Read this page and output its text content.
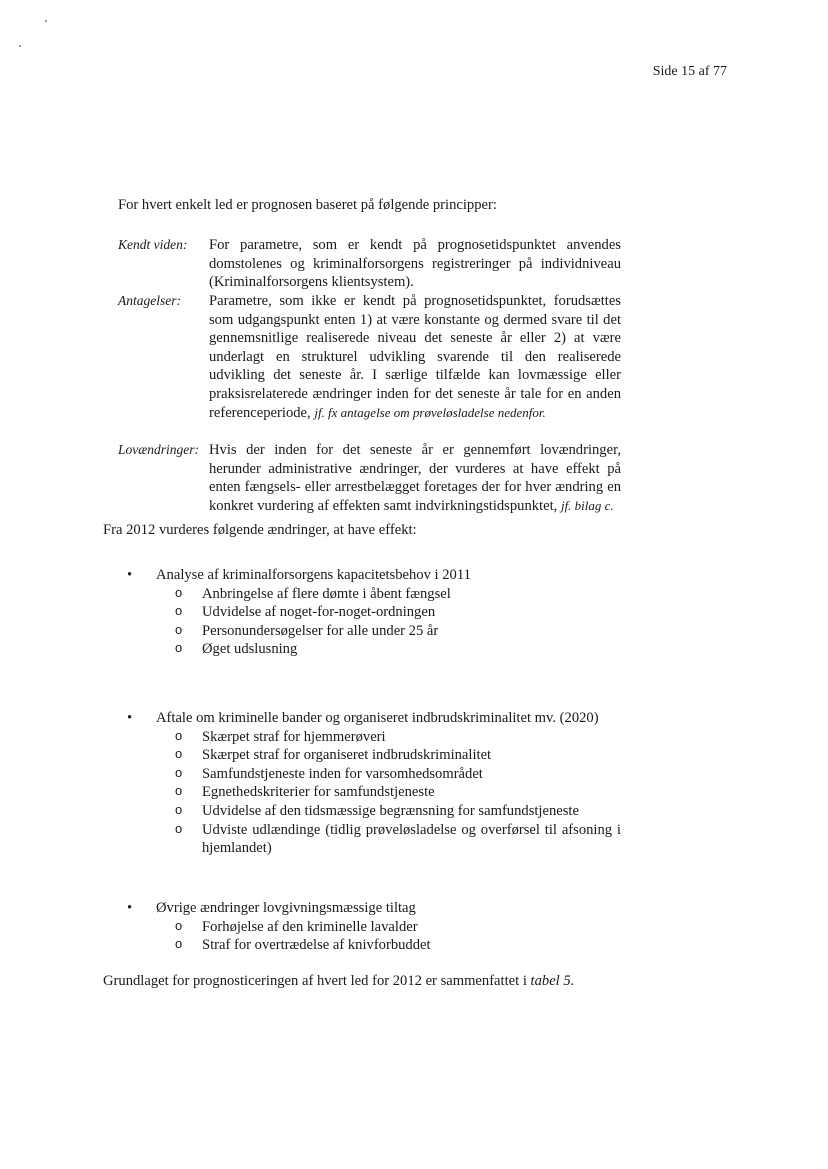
Side 15 af 77
For hvert enkelt led er prognosen baseret på følgende principper:
Kendt viden: For parametre, som er kendt på prognosetidspunktet anvendes domstolenes og kriminalforsorgens registreringer på individniveau (Kriminalforsorgens klientsystem).
Antagelser: Parametre, som ikke er kendt på prognosetidspunktet, forudsættes som udgangspunkt enten 1) at være konstante og dermed svare til det gennemsnitlige realiserede niveau det seneste år eller 2) at være underlagt en strukturel udvikling svarende til den realiserede udvikling det seneste år. I særlige tilfælde kan lovmæssige eller praksisrelaterede ændringer inden for det seneste år tale for en anden referenceperiode, jf. fx antagelse om prøveløsladelse nedenfor.
Lovændringer: Hvis der inden for det seneste år er gennemført lovændringer, herunder administrative ændringer, der vurderes at have effekt på enten fængsels- eller arrestbelægget foretages der for hver ændring en konkret vurdering af effekten samt indvirkningstidspunktet, jf. bilag c.
Fra 2012 vurderes følgende ændringer, at have effekt:
• Analyse af kriminalforsorgens kapacitetsbehov i 2011
o Anbringelse af flere dømte i åbent fængsel
o Udvidelse af noget-for-noget-ordningen
o Personundersøgelser for alle under 25 år
o Øget udslusning
• Aftale om kriminelle bander og organiseret indbrudskriminalitet mv. (2020)
o Skærpet straf for hjemmerøveri
o Skærpet straf for organiseret indbrudskriminalitet
o Samfundstjeneste inden for varsomhedsområdet
o Egnethedskriterier for samfundstjeneste
o Udvidelse af den tidsmæssige begrænsning for samfundstjeneste
o Udviste udlændinge (tidlig prøveløsladelse og overførsel til afsoning i hjemlandet)
• Øvrige ændringer lovgivningsmæssige tiltag
o Forhøjelse af den kriminelle lavalder
o Straf for overtrædelse af knivforbuddet
Grundlaget for prognosticeringen af hvert led for 2012 er sammenfattet i tabel 5.
